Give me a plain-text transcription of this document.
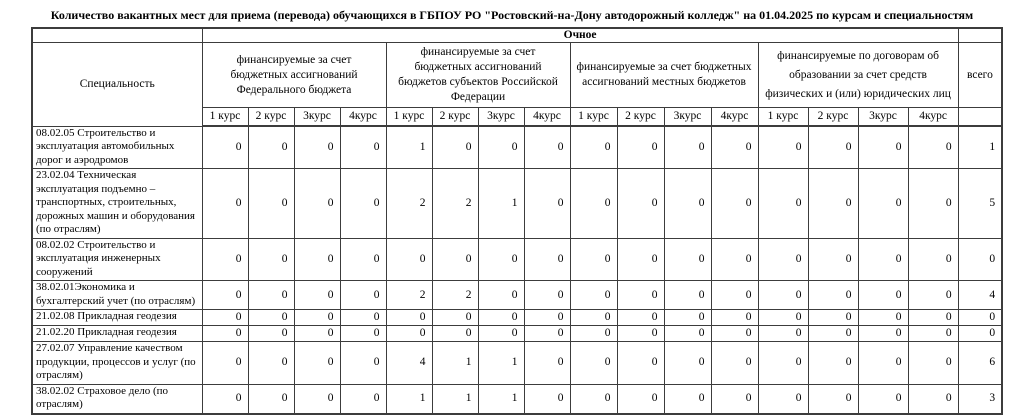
Количество вакантных мест для приема (перевода) обучающихся в ГБПОУ РО "Ростовский-на-Дону автодорожный колледж" на 01.04.2025 по курсам и специальностям
	Очное																
Специальность	финансируемые за счет бюджетных ассигнований Федерального бюджета				финансируемые за счет бюджетных ассигнований бюджетов субъектов Российской Федерации				финансируемые за счет бюджетных ассигнований местных бюджетов				финансируемые по договорам об образовании за счет средств физических и (или) юридических лиц				всего
	1 курс	2 курс	3курс	4курс	1 курс	2 курс	3курс	4курс	1 курс	2 курс	3курс	4курс	1 курс	2 курс	3курс	4курс	
08.02.05 Строительство и эксплуатация автомобильных дорог и аэродромов	0	0	0	0	1	0	0	0	0	0	0	0	0	0	0	0	1
23.02.04 Техническая эксплуатация подъемно – транспортных, строительных, дорожных машин и оборудования (по отраслям)	0	0	0	0	2	2	1	0	0	0	0	0	0	0	0	0	5
08.02.02 Строительство и эксплуатация инженерных сооружений	0	0	0	0	0	0	0	0	0	0	0	0	0	0	0	0	0
38.02.01Экономика и бухгалтерский учет (по отраслям)	0	0	0	0	2	2	0	0	0	0	0	0	0	0	0	0	4
21.02.08 Прикладная геодезия	0	0	0	0	0	0	0	0	0	0	0	0	0	0	0	0	0
21.02.20 Прикладная геодезия	0	0	0	0	0	0	0	0	0	0	0	0	0	0	0	0	0
27.02.07 Управление качеством продукции, процессов и услуг (по отраслям)	0	0	0	0	4	1	1	0	0	0	0	0	0	0	0	0	6
38.02.02 Страховое дело (по отраслям)	0	0	0	0	1	1	1	0	0	0	0	0	0	0	0	0	3
